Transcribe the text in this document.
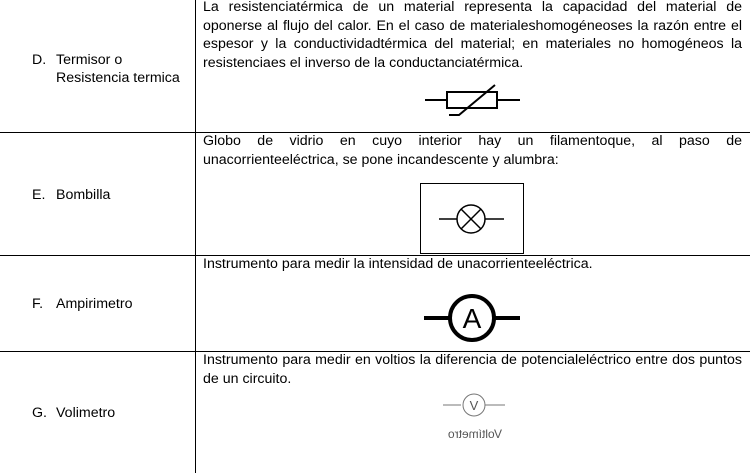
D. Termisor o
Resistencia termica

La resistenciatérmica de un material representa la capacidad del material de oponerse al flujo del calor. En el caso de materialeshomogéneoses la razón entre el espesor y la conductividadtérmica del material; en materiales no homogéneos la resistenciaes el inverso de la conductanciatérmica.

E. Bombilla

Globo de vidrio en cuyo interior hay un filamentoque, al paso de unacorrienteeléctrica, se pone incandescente y alumbra:

F. Ampirimetro

Instrumento para medir la intensidad de unacorrienteeléctrica.

A
G. Volimetro

Instrumento para medir en voltios la diferencia de potencialeléctrico entre dos puntos de un circuito.

V
Voltímetro
